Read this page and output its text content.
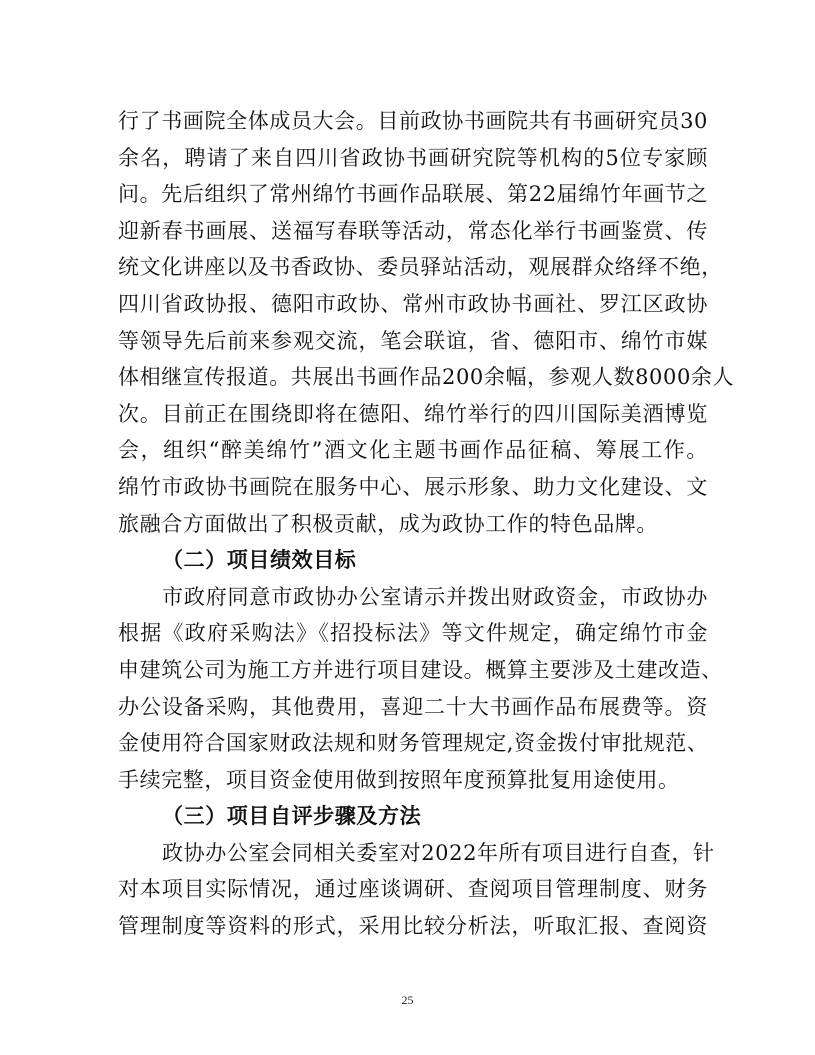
行了书画院全体成员大会。目前政协书画院共有书画研究员30
余名，聘请了来自四川省政协书画研究院等机构的5位专家顾
问。先后组织了常州绵竹书画作品联展、第22届绵竹年画节之
迎新春书画展、送福写春联等活动，常态化举行书画鉴赏、传
统文化讲座以及书香政协、委员驿站活动，观展群众络绎不绝，
四川省政协报、德阳市政协、常州市政协书画社、罗江区政协
等领导先后前来参观交流，笔会联谊，省、德阳市、绵竹市媒
体相继宣传报道。共展出书画作品200余幅，参观人数8000余人
次。目前正在围绕即将在德阳、绵竹举行的四川国际美酒博览
会，组织“醉美绵竹”酒文化主题书画作品征稿、筹展工作。
绵竹市政协书画院在服务中心、展示形象、助力文化建设、文
旅融合方面做出了积极贡献，成为政协工作的特色品牌。
（二）项目绩效目标
市政府同意市政协办公室请示并拨出财政资金，市政协办
根据《政府采购法》《招投标法》等文件规定，确定绵竹市金
申建筑公司为施工方并进行项目建设。概算主要涉及土建改造、
办公设备采购，其他费用，喜迎二十大书画作品布展费等。资
金使用符合国家财政法规和财务管理规定,资金拨付审批规范、
手续完整，项目资金使用做到按照年度预算批复用途使用。
（三）项目自评步骤及方法
政协办公室会同相关委室对2022年所有项目进行自查，针
对本项目实际情况，通过座谈调研、查阅项目管理制度、财务
管理制度等资料的形式，采用比较分析法，听取汇报、查阅资
25
